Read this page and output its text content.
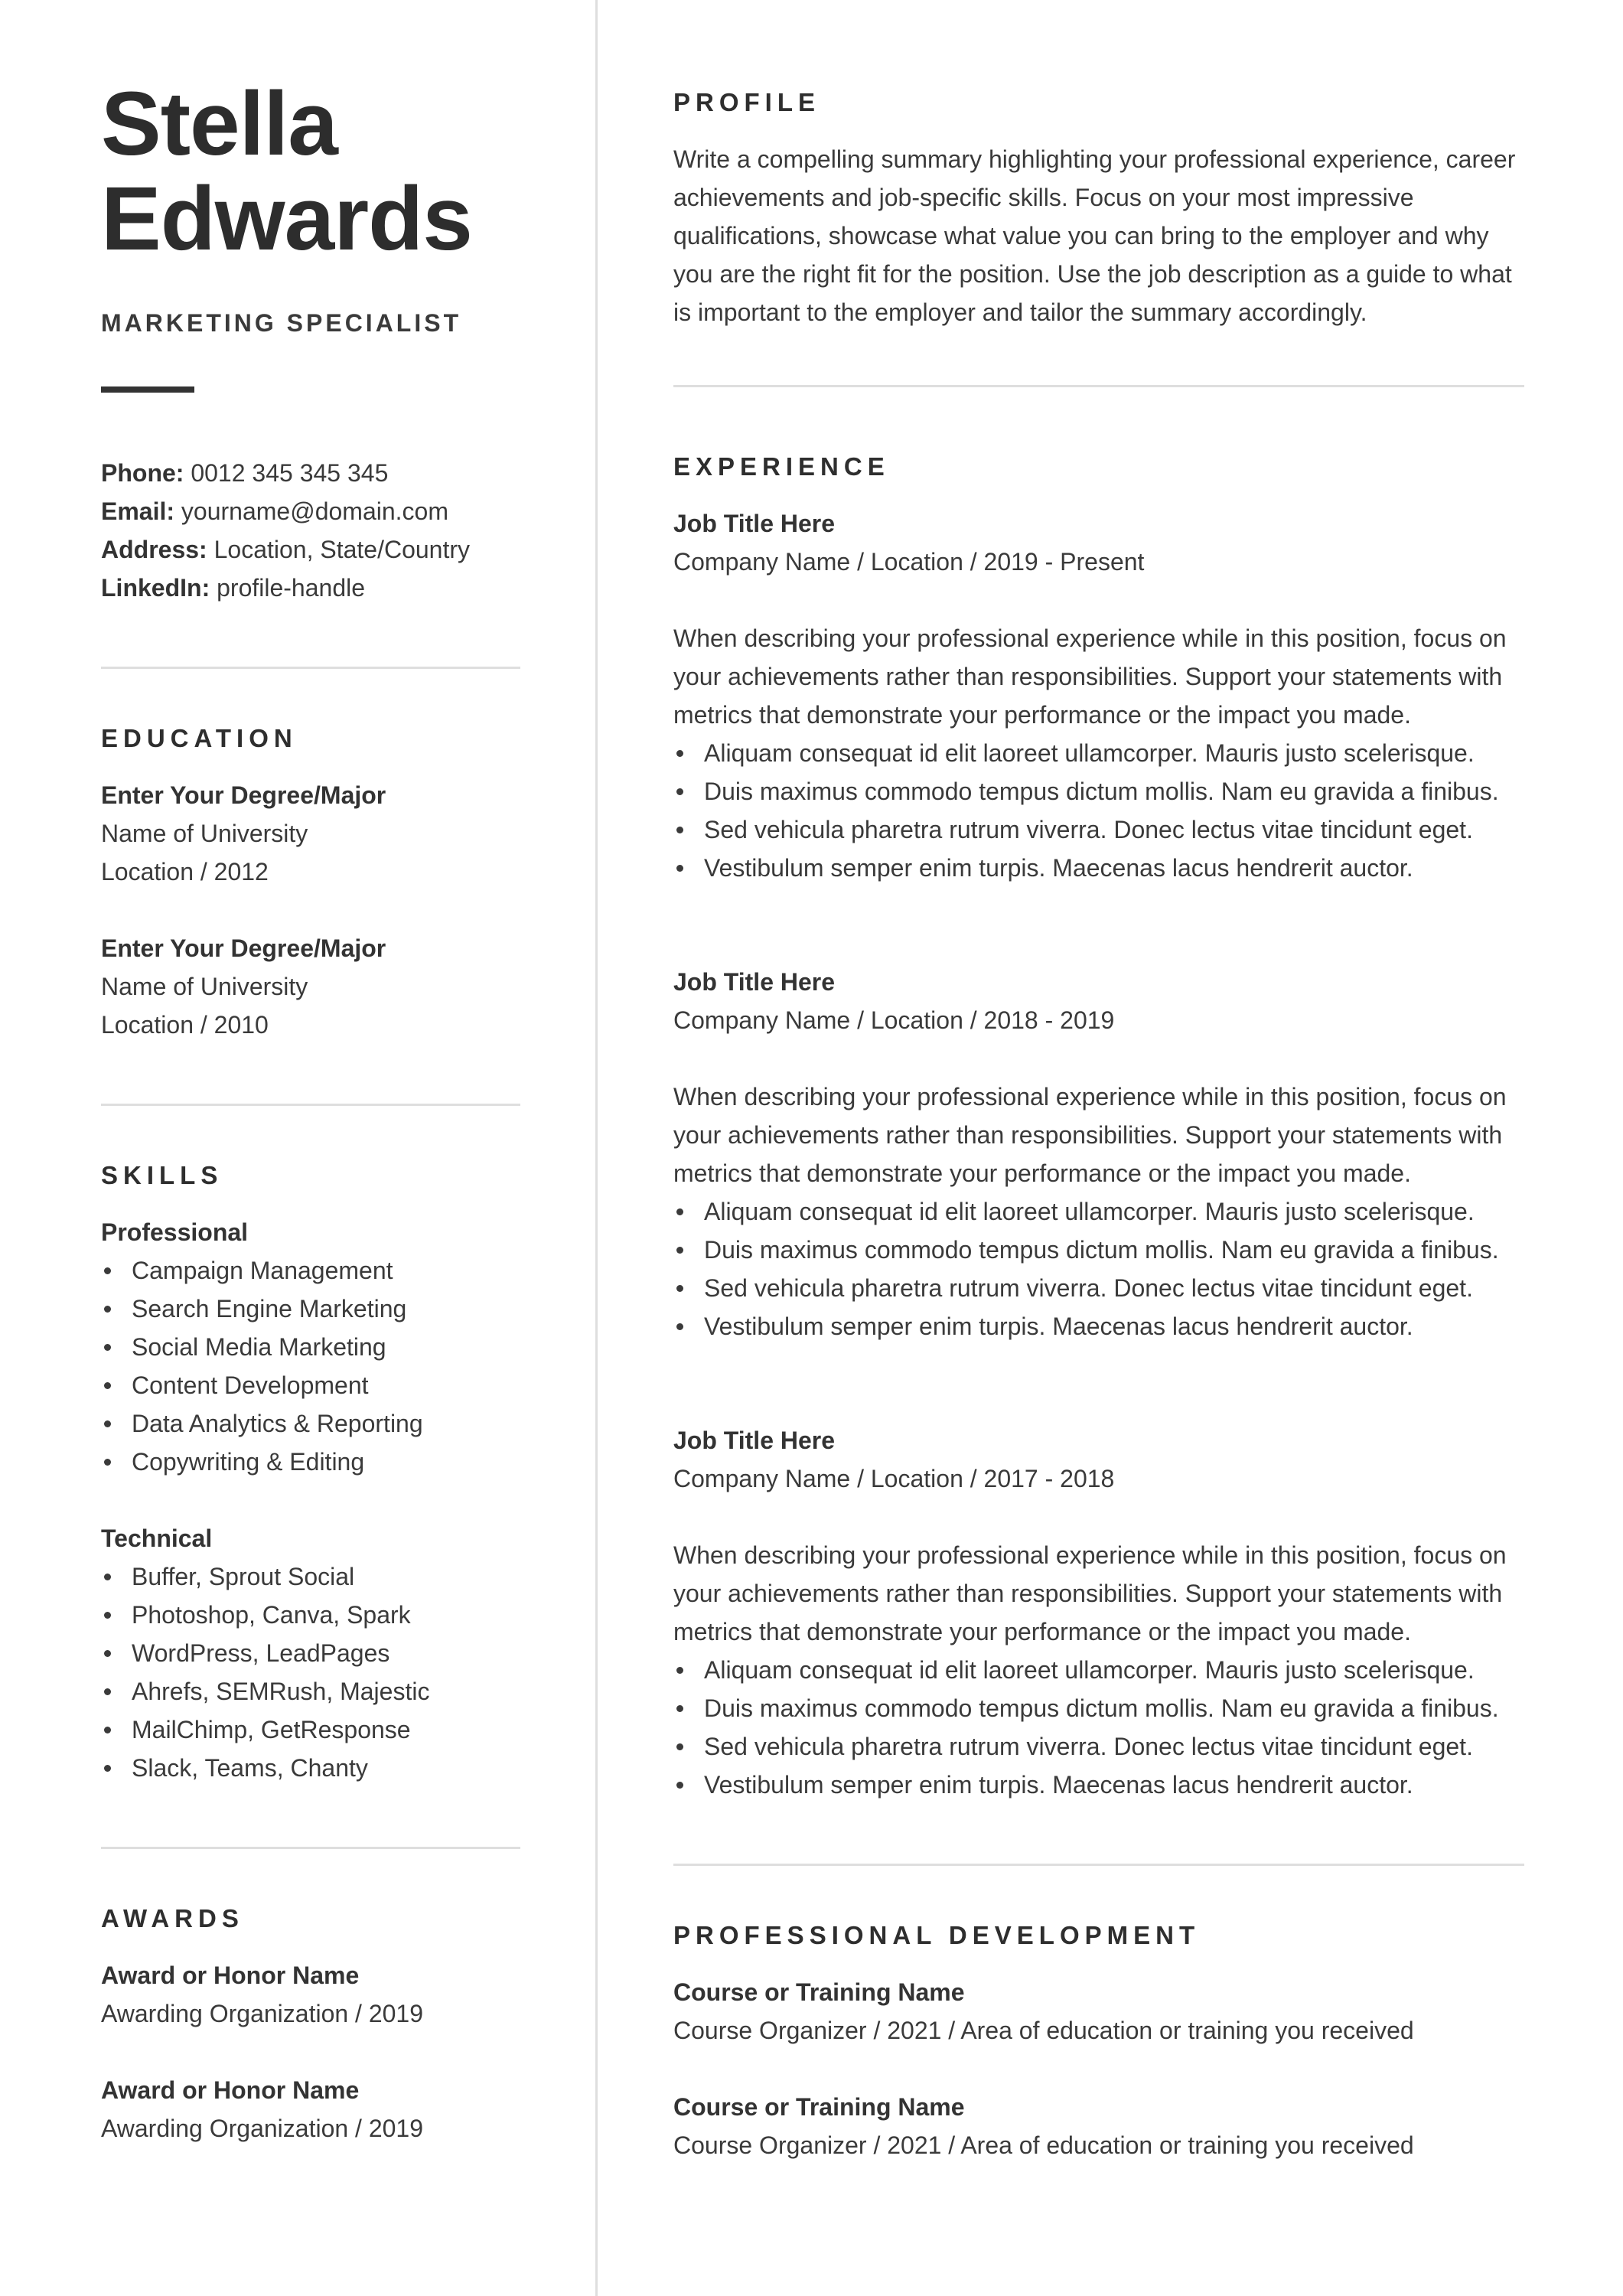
Stella
Edwards
MARKETING SPECIALIST
Phone: 0012 345 345 345
Email: yourname@domain.com
Address: Location, State/Country
LinkedIn: profile-handle
EDUCATION
Enter Your Degree/Major
Name of University
Location / 2012
Enter Your Degree/Major
Name of University
Location / 2010
SKILLS
Professional
Campaign Management
Search Engine Marketing
Social Media Marketing
Content Development
Data Analytics & Reporting
Copywriting & Editing
Technical
Buffer, Sprout Social
Photoshop, Canva, Spark
WordPress, LeadPages
Ahrefs, SEMRush, Majestic
MailChimp, GetResponse
Slack, Teams, Chanty
AWARDS
Award or Honor Name
Awarding Organization / 2019
Award or Honor Name
Awarding Organization / 2019
PROFILE
Write a compelling summary highlighting your professional experience, career achievements and job-specific skills. Focus on your most impressive qualifications, showcase what value you can bring to the employer and why you are the right fit for the position. Use the job description as a guide to what is important to the employer and tailor the summary accordingly.
EXPERIENCE
Job Title Here
Company Name / Location / 2019 - Present
When describing your professional experience while in this position, focus on your achievements rather than responsibilities. Support your statements with metrics that demonstrate your performance or the impact you made.
Aliquam consequat id elit laoreet ullamcorper. Mauris justo scelerisque.
Duis maximus commodo tempus dictum mollis. Nam eu gravida a finibus.
Sed vehicula pharetra rutrum viverra. Donec lectus vitae tincidunt eget.
Vestibulum semper enim turpis. Maecenas lacus hendrerit auctor.
Job Title Here
Company Name / Location / 2018 - 2019
When describing your professional experience while in this position, focus on your achievements rather than responsibilities. Support your statements with metrics that demonstrate your performance or the impact you made.
Aliquam consequat id elit laoreet ullamcorper. Mauris justo scelerisque.
Duis maximus commodo tempus dictum mollis. Nam eu gravida a finibus.
Sed vehicula pharetra rutrum viverra. Donec lectus vitae tincidunt eget.
Vestibulum semper enim turpis. Maecenas lacus hendrerit auctor.
Job Title Here
Company Name / Location / 2017 - 2018
When describing your professional experience while in this position, focus on your achievements rather than responsibilities. Support your statements with metrics that demonstrate your performance or the impact you made.
Aliquam consequat id elit laoreet ullamcorper. Mauris justo scelerisque.
Duis maximus commodo tempus dictum mollis. Nam eu gravida a finibus.
Sed vehicula pharetra rutrum viverra. Donec lectus vitae tincidunt eget.
Vestibulum semper enim turpis. Maecenas lacus hendrerit auctor.
PROFESSIONAL DEVELOPMENT
Course or Training Name
Course Organizer / 2021 / Area of education or training you received
Course or Training Name
Course Organizer / 2021 / Area of education or training you received
